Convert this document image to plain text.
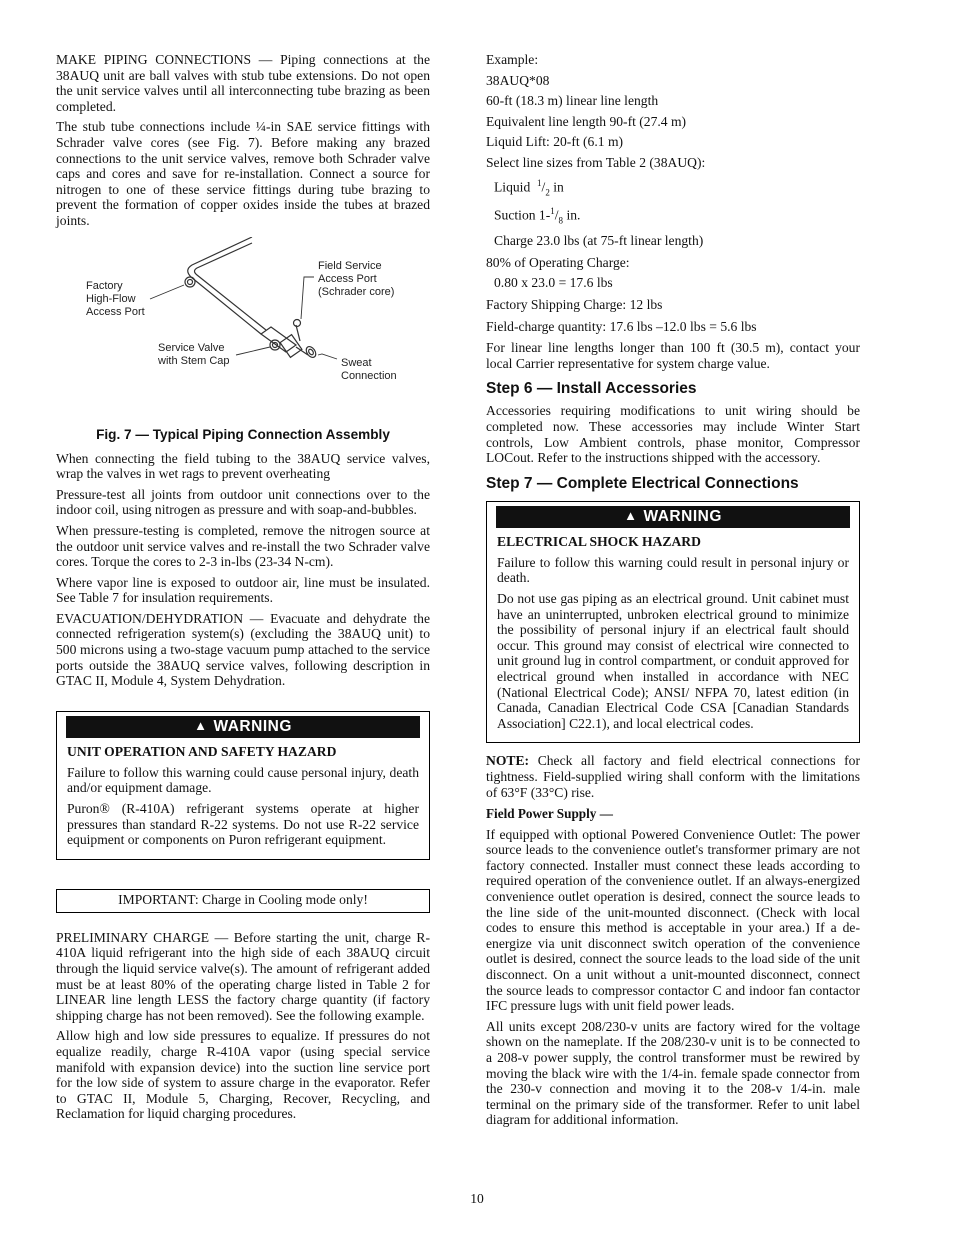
MAKE PIPING CONNECTIONS — Piping connections at the 38AUQ unit are ball valves with stub tube extensions. Do not open the unit service valves until all interconnecting tube brazing as been completed.

The stub tube connections include ¼-in SAE service fittings with Schrader valve cores (see Fig. 7). Before making any brazed connections to the unit service valves, remove both Schrader valve caps and cores and save for re-installation. Connect a source for nitrogen to one of these service fittings during tube brazing to prevent the formation of copper oxides inside the tubes at brazed joints.

Factory High-Flow Access Port
Field Service Access Port (Schrader core)
Service Valve with Stem Cap	Sweat Connection
Fig. 7 — Typical Piping Connection Assembly

When connecting the field tubing to the 38AUQ service valves, wrap the valves in wet rags to prevent overheating

Pressure-test all joints from outdoor unit connections over to the indoor coil, using nitrogen as pressure and with soap-and-bubbles.

When pressure-testing is completed, remove the nitrogen source at the outdoor unit service valves and re-install the two Schrader valve cores. Torque the cores to 2-3 in-lbs (23-34 N-cm).

Where vapor line is exposed to outdoor air, line must be insulated. See Table 7 for insulation requirements.

EVACUATION/DEHYDRATION — Evacuate and dehydrate the connected refrigeration system(s) (excluding the 38AUQ unit) to 500 microns using a two-stage vacuum pump attached to the service ports outside the 38AUQ service valves, following description in GTAC II, Module 4, System Dehydration.

▲ WARNING
UNIT OPERATION AND SAFETY HAZARD

Failure to follow this warning could cause personal injury, death and/or equipment damage.

Puron® (R-410A) refrigerant systems operate at higher pressures than standard R-22 systems. Do not use R-22 service equipment or components on Puron refrigerant equipment.

IMPORTANT: Charge in Cooling mode only!

PRELIMINARY CHARGE — Before starting the unit, charge R-410A liquid refrigerant into the high side of each 38AUQ circuit through the liquid service valve(s). The amount of refrigerant added must be at least 80% of the operating charge listed in Table 2 for LINEAR line length LESS the factory charge quantity (if factory shipping charge has not been removed). See the following example.

Allow high and low side pressures to equalize. If pressures do not equalize readily, charge R-410A vapor (using special service manifold with expansion device) into the suction line service port for the low side of system to assure charge in the evaporator. Refer to GTAC II, Module 5, Charging, Recover, Recycling, and Reclamation for liquid charging procedures.

Example:

38AUQ*08

60-ft (18.3 m) linear line length

Equivalent line length 90-ft (27.4 m)

Liquid Lift: 20-ft (6.1 m)

Select line sizes from Table 2 (38AUQ):

Liquid $^1/_2$ in

Suction $1-^1/_8$ in.

Charge 23.0 lbs (at 75-ft linear length)

80% of Operating Charge:

0.80 x 23.0 = 17.6 lbs

Factory Shipping Charge: 12 lbs

Field-charge quantity: 17.6 lbs –12.0 lbs = 5.6 lbs

For linear line lengths longer than 100 ft (30.5 m), contact your local Carrier representative for system charge value.

Step 6 — Install Accessories

Accessories requiring modifications to unit wiring should be completed now. These accessories may include Winter Start controls, Low Ambient controls, phase monitor, Compressor LOCout. Refer to the instructions shipped with the accessory.

Step 7 — Complete Electrical Connections
▲ WARNING
ELECTRICAL SHOCK HAZARD

Failure to follow this warning could result in personal injury or death.

Do not use gas piping as an electrical ground. Unit cabinet must have an uninterrupted, unbroken electrical ground to minimize the possibility of personal injury if an electrical fault should occur. This ground may consist of electrical wire connected to unit ground lug in control compartment, or conduit approved for electrical ground when installed in accordance with NEC (National Electrical Code); ANSI/ NFPA 70, latest edition (in Canada, Canadian Electrical Code CSA [Canadian Standards Association] C22.1), and local electrical codes.

NOTE: Check all factory and field electrical connections for tightness. Field-supplied wiring shall conform with the limitations of 63°F (33°C) rise.

Field Power Supply —

If equipped with optional Powered Convenience Outlet: The power source leads to the convenience outlet's transformer primary are not factory connected. Installer must connect these leads according to required operation of the convenience outlet. If an always-energized convenience outlet operation is desired, connect the source leads to the line side of the unit-mounted disconnect. (Check with local codes to ensure this method is acceptable in your area.) If a de-energize via unit disconnect switch operation of the convenience outlet is desired, connect the source leads to the load side of the unit disconnect. On a unit without a unit-mounted disconnect, connect the source leads to compressor contactor C and indoor fan contactor IFC pressure lugs with unit field power leads.

All units except 208/230-v units are factory wired for the voltage shown on the nameplate. If the 208/230-v unit is to be connected to a 208-v power supply, the control transformer must be rewired by moving the black wire with the 1/4-in. female spade connector from the 230-v connection and moving it to the 208-v 1/4-in. male terminal on the primary side of the transformer. Refer to unit label diagram for additional information.

10
